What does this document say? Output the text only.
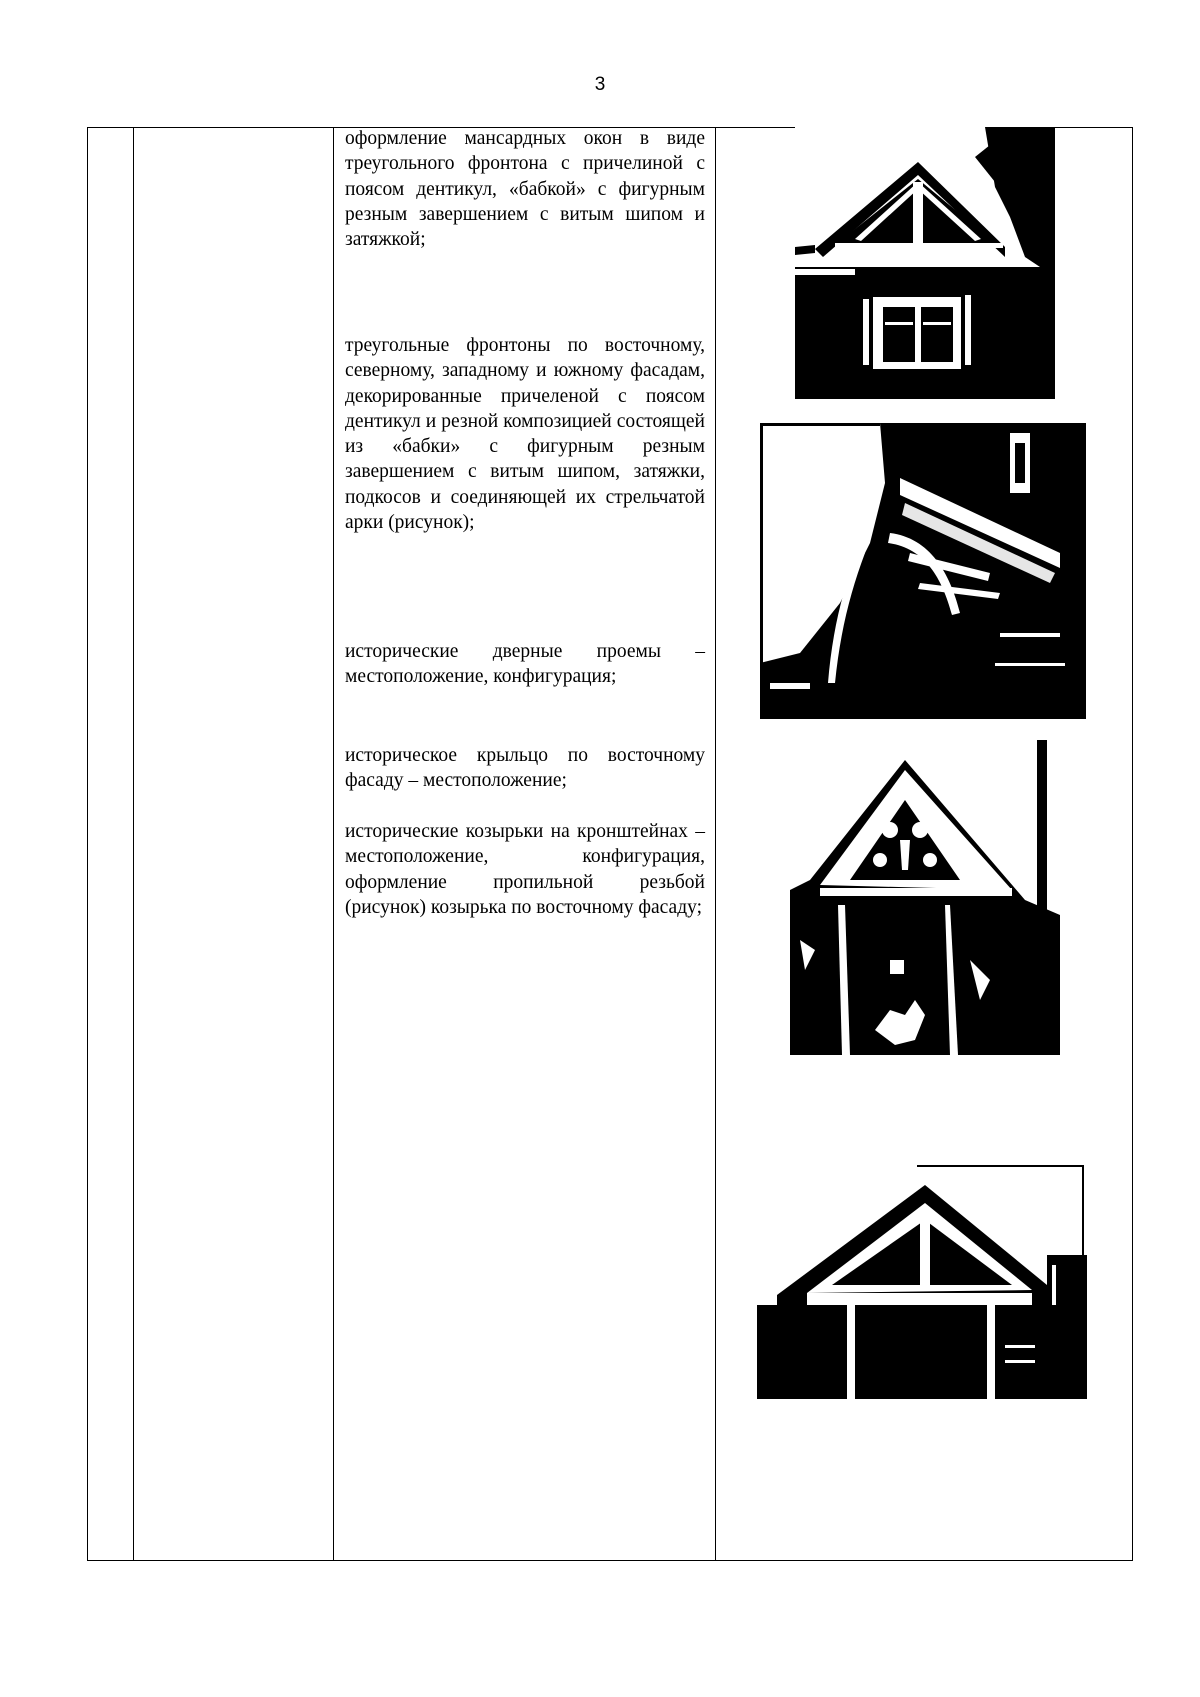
3
оформление мансардных окон в виде треугольного фронтона с причелиной с поясом дентикул, «бабкой» с фигурным резным завершением с витым шипом и затяжкой;
треугольные фронтоны по восточному, северному, западному и южному фасадам, декорированные причеленой с поясом дентикул и резной композицией состоящей из «бабки» с фигурным резным завершением с витым шипом, затяжки, подкосов и соединяющей их стрельчатой арки (рисунок);
исторические дверные проемы – местоположение, конфигурация;
историческое крыльцо по восточному фасаду – местоположение;
исторические козырьки на кронштейнах – местоположение, конфигурация, оформление пропильной резьбой (рисунок) козырька по восточному фасаду;
